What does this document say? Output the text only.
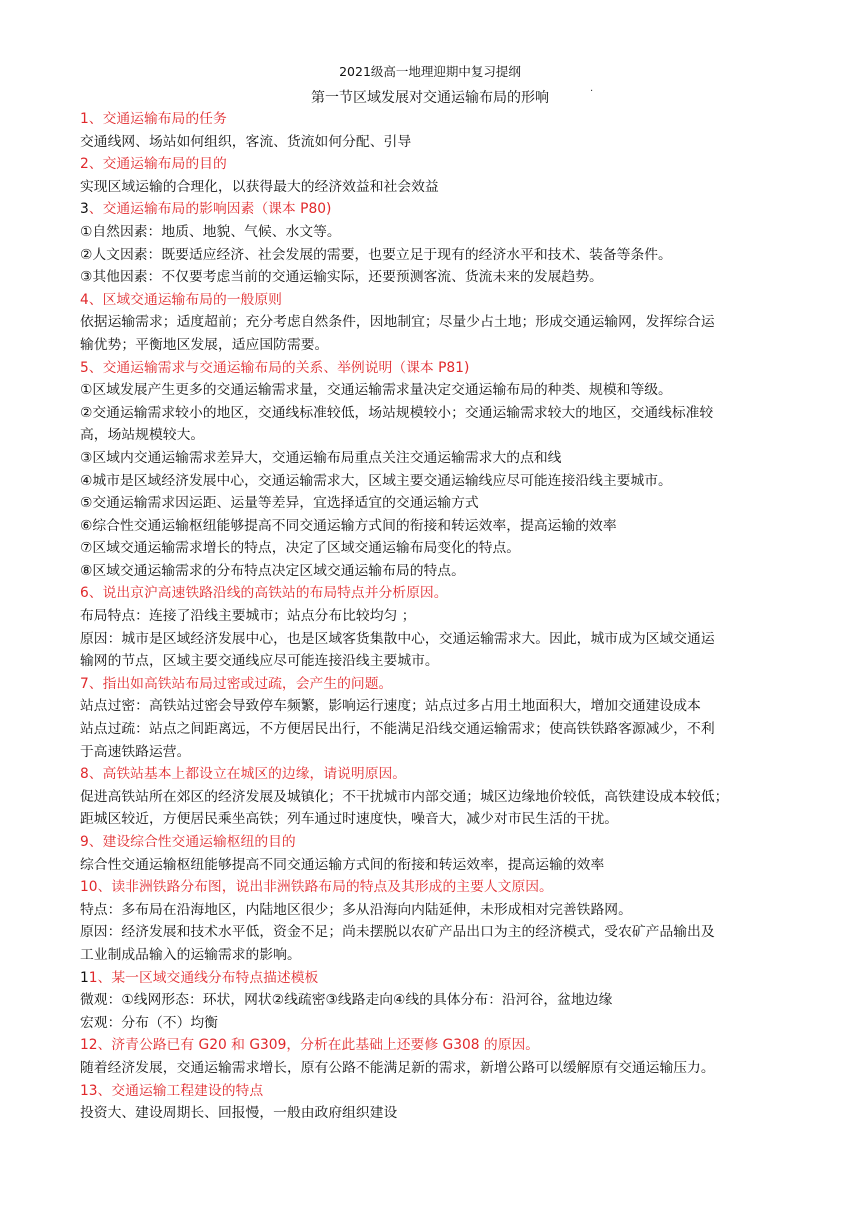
2021级高一地理迎期中复习提纲
第一节区域发展对交通运输布局的形响	·
1、交通运输布局的任务
交通线网、场站如何组织，客流、货流如何分配、引导
2、交通运输布局的目的
实现区域运输的合理化，以获得最大的经济效益和社会效益
3、交通运输布局的影响因素（课本 P80)
①自然因素：地质、地貌、气候、水文等。
②人文因素：既要适应经济、社会发展的需要，也要立足于现有的经济水平和技术、装备等条件。
③其他因素：不仅要考虑当前的交通运输实际，还要预测客流、货流未来的发展趋势。
4、区域交通运输布局的一般原则
依据运输需求；适度超前；充分考虑自然条件，因地制宜；尽量少占土地；形成交通运输网，发挥综合运
输优势；平衡地区发展，适应国防需要。
5、交通运输需求与交通运输布局的关系、举例说明（课本 P81)
①区域发展产生更多的交通运输需求量，交通运输需求量决定交通运输布局的种类、规模和等级。
②交通运输需求较小的地区，交通线标准较低，场站规模较小；交通运输需求较大的地区，交通线标准较
高，场站规模较大。
③区域内交通运输需求差异大，交通运输布局重点关注交通运输需求大的点和线
④城市是区域经济发展中心，交通运输需求大，区域主要交通运输线应尽可能连接沿线主要城市。
⑤交通运输需求因运距、运量等差异，宜选择适宜的交通运输方式
⑥综合性交通运输枢纽能够提高不同交通运输方式间的衔接和转运效率，提高运输的效率
⑦区域交通运输需求增长的特点，决定了区域交通运输布局变化的特点。
⑧区域交通运输需求的分布特点决定区域交通运输布局的特点。
6、说出京沪高速铁路沿线的高铁站的布局特点并分析原因。
布局特点：连接了沿线主要城市；站点分布比较均匀 ；
原因：城市是区域经济发展中心，也是区域客货集散中心，交通运输需求大。因此，城市成为区域交通运
输网的节点，区域主要交通线应尽可能连接沿线主要城市。
7、指出如高铁站布局过密或过疏，会产生的问题。
站点过密：高铁站过密会导致停车频繁，影响运行速度；站点过多占用土地面积大，增加交通建设成本
站点过疏：站点之间距离远，不方便居民出行，不能满足沿线交通运输需求；使高铁铁路客源减少，不利
于高速铁路运营。
8、高铁站基本上都设立在城区的边缘，请说明原因。
促进高铁站所在郊区的经济发展及城镇化；不干扰城市内部交通；城区边缘地价较低，高铁建设成本较低；
距城区较近，方便居民乘坐高铁；列车通过时速度快，噪音大，减少对市民生活的干扰。
9、建设综合性交通运输枢纽的目的
综合性交通运输枢纽能够提高不同交通运输方式间的衔接和转运效率，提高运输的效率
10、读非洲铁路分布图，说出非洲铁路布局的特点及其形成的主要人文原因。
特点：多布局在沿海地区，内陆地区很少；多从沿海向内陆延伸，未形成相对完善铁路网。
原因：经济发展和技术水平低，资金不足；尚未摆脱以农矿产品出口为主的经济模式，受农矿产品输出及
工业制成品输入的运输需求的影响。
11、某一区域交通线分布特点描述模板
微观：①线网形态：环状，网状②线疏密③线路走向④线的具体分布：沿河谷，盆地边缘
宏观：分布（不）均衡
12、济青公路已有 G20 和 G309，分析在此基础上还要修 G308 的原因。
随着经济发展，交通运输需求增长，原有公路不能满足新的需求，新增公路可以缓解原有交通运输压力。
13、交通运输工程建设的特点
投资大、建设周期长、回报慢，一般由政府组织建设
